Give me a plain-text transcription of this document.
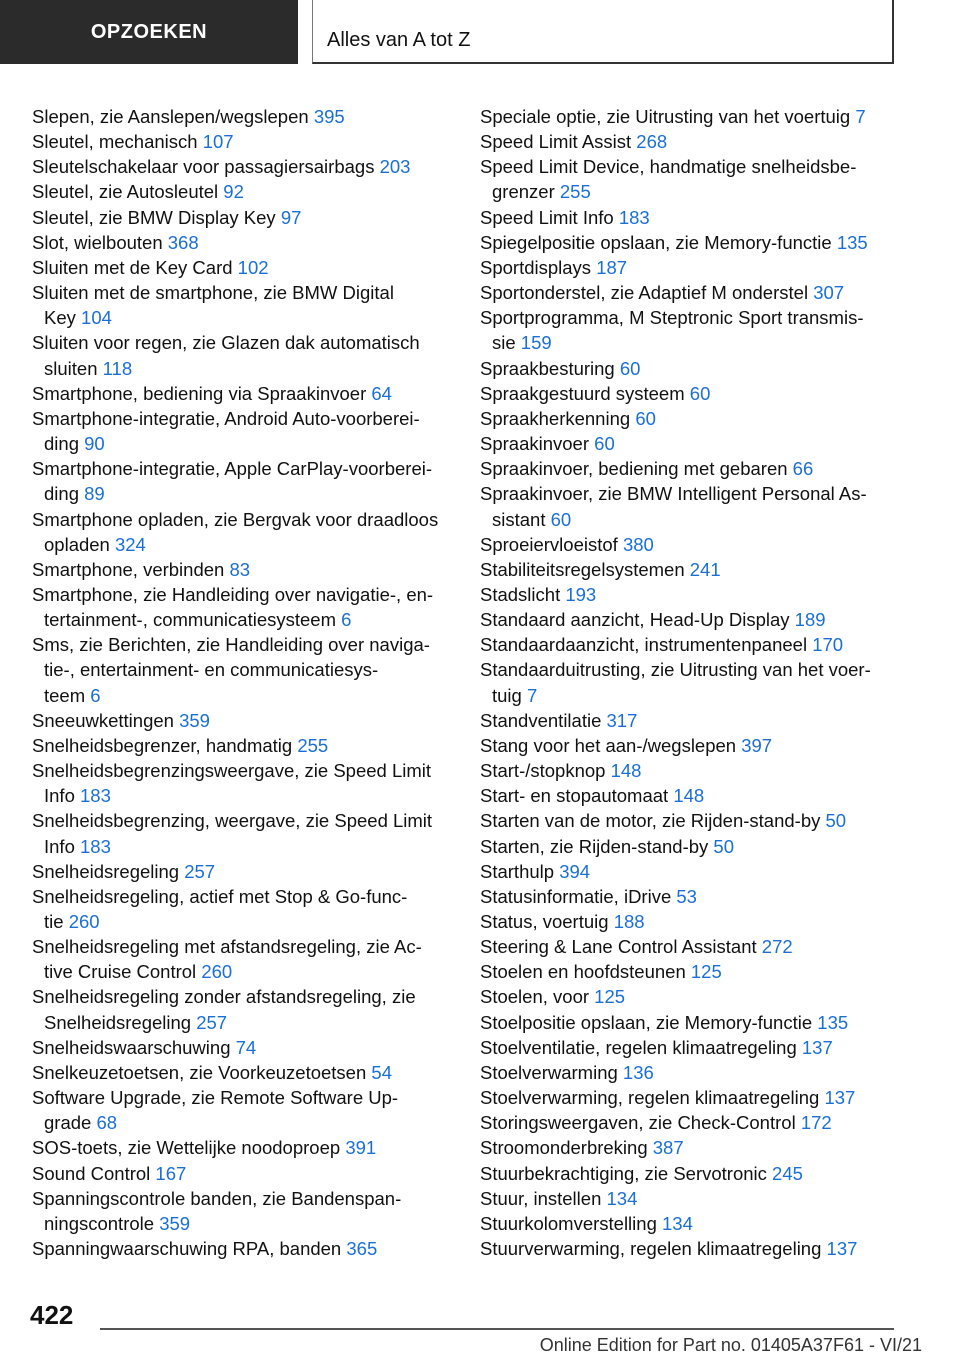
OPZOEKEN	Alles van A tot Z
Slepen, zie Aanslepen/wegslepen 395
Sleutel, mechanisch 107
Sleutelschakelaar voor passagiersairbags 203
Sleutel, zie Autosleutel 92
Sleutel, zie BMW Display Key 97
Slot, wielbouten 368
Sluiten met de Key Card 102
Sluiten met de smartphone, zie BMW Digital
Key 104
Sluiten voor regen, zie Glazen dak automatisch
sluiten 118
Smartphone, bediening via Spraakinvoer 64
Smartphone-integratie, Android Auto-voorberei‐
ding 90
Smartphone-integratie, Apple CarPlay-voorberei‐
ding 89
Smartphone opladen, zie Bergvak voor draadloos
opladen 324
Smartphone, verbinden 83
Smartphone, zie Handleiding over navigatie-, en‐
tertainment-, communicatiesysteem 6
Sms, zie Berichten, zie Handleiding over naviga‐
tie-, entertainment- en communicatiesys‐
teem 6
Sneeuwkettingen 359
Snelheidsbegrenzer, handmatig 255
Snelheidsbegrenzingsweergave, zie Speed Limit
Info 183
Snelheidsbegrenzing, weergave, zie Speed Limit
Info 183
Snelheidsregeling 257
Snelheidsregeling, actief met Stop & Go-func‐
tie 260
Snelheidsregeling met afstandsregeling, zie Ac‐
tive Cruise Control 260
Snelheidsregeling zonder afstandsregeling, zie
Snelheidsregeling 257
Snelheidswaarschuwing 74
Snelkeuzetoetsen, zie Voorkeuzetoetsen 54
Software Upgrade, zie Remote Software Up‐
grade 68
SOS-toets, zie Wettelijke noodoproep 391
Sound Control 167
Spanningscontrole banden, zie Bandenspan‐
ningscontrole 359
Spanningwaarschuwing RPA, banden 365
Speciale optie, zie Uitrusting van het voertuig 7
Speed Limit Assist 268
Speed Limit Device, handmatige snelheidsbe‐
grenzer 255
Speed Limit Info 183
Spiegelpositie opslaan, zie Memory-functie 135
Sportdisplays 187
Sportonderstel, zie Adaptief M onderstel 307
Sportprogramma, M Steptronic Sport transmis‐
sie 159
Spraakbesturing 60
Spraakgestuurd systeem 60
Spraakherkenning 60
Spraakinvoer 60
Spraakinvoer, bediening met gebaren 66
Spraakinvoer, zie BMW Intelligent Personal As‐
sistant 60
Sproeiervloeistof 380
Stabiliteitsregelsystemen 241
Stadslicht 193
Standaard aanzicht, Head-Up Display 189
Standaardaanzicht, instrumentenpaneel 170
Standaarduitrusting, zie Uitrusting van het voer‐
tuig 7
Standventilatie 317
Stang voor het aan-/wegslepen 397
Start-/stopknop 148
Start- en stopautomaat 148
Starten van de motor, zie Rijden-stand-by 50
Starten, zie Rijden-stand-by 50
Starthulp 394
Statusinformatie, iDrive 53
Status, voertuig 188
Steering & Lane Control Assistant 272
Stoelen en hoofdsteunen 125
Stoelen, voor 125
Stoelpositie opslaan, zie Memory-functie 135
Stoelventilatie, regelen klimaatregeling 137
Stoelverwarming 136
Stoelverwarming, regelen klimaatregeling 137
Storingsweergaven, zie Check-Control 172
Stroomonderbreking 387
Stuurbekrachtiging, zie Servotronic 245
Stuur, instellen 134
Stuurkolomverstelling 134
Stuurverwarming, regelen klimaatregeling 137
422
Online Edition for Part no. 01405A37F61 - VI/21
